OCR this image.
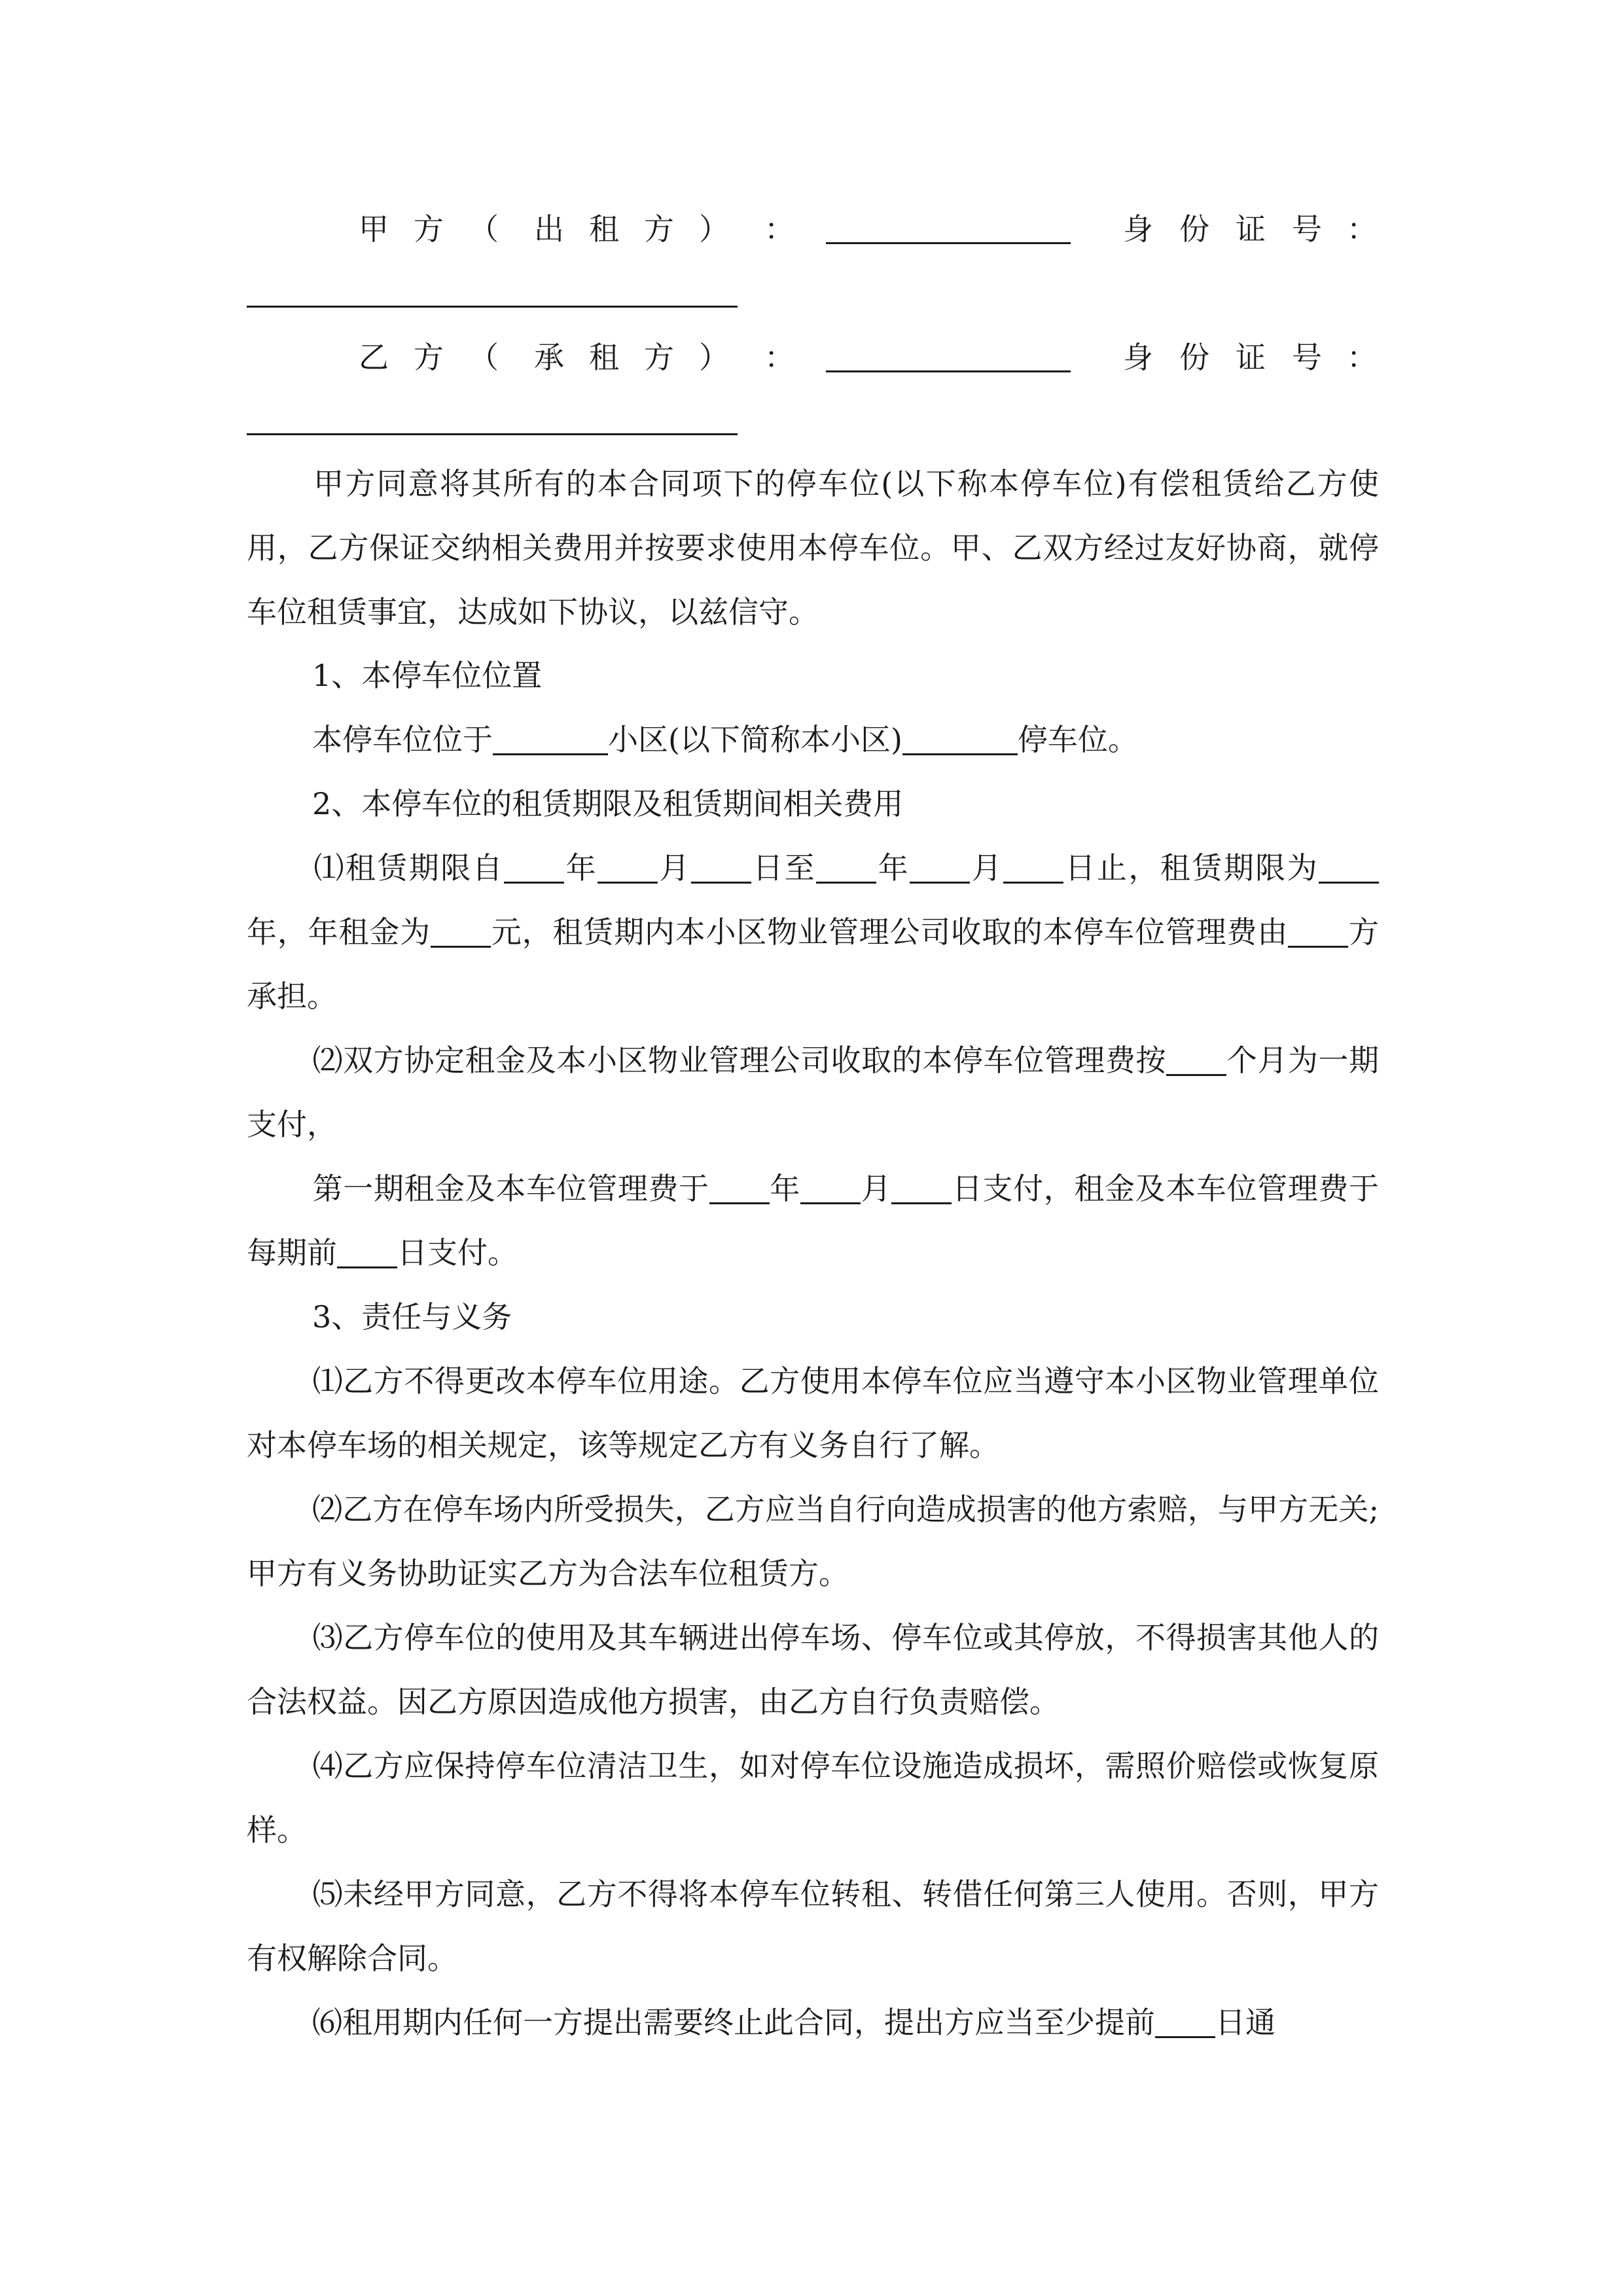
甲 方 （ 出 租 方 ） ：	身 份 证 号 ：
乙 方 （ 承 租 方 ） ：	身 份 证 号 ：
甲方同意将其所有的本合同项下的停车位(以下称本停车位)有偿租赁给乙方使用，乙方保证交纳相关费用并按要求使用本停车位。甲、乙双方经过友好协商，就停车位租赁事宜，达成如下协议，以兹信守。
1、本停车位位置
本停车位位于	小区(以下简称本小区)	停车位。
2、本停车位的租赁期限及租赁期间相关费用
⑴租赁期限自 年 月 日至 年 月 日止，租赁期限为年，年租金为 元，租赁期内本小区物业管理公司收取的本停车位管理费由 方承担。
⑵双方协定租金及本小区物业管理公司收取的本停车位管理费按 个月为一期支付，
第一期租金及本车位管理费于 年 月 日支付，租金及本车位管理费于每期前 日支付。
3、责任与义务
⑴乙方不得更改本停车位用途。乙方使用本停车位应当遵守本小区物业管理单位对本停车场的相关规定，该等规定乙方有义务自行了解。
⑵乙方在停车场内所受损失，乙方应当自行向造成损害的他方索赔，与甲方无关;甲方有义务协助证实乙方为合法车位租赁方。
⑶乙方停车位的使用及其车辆进出停车场、停车位或其停放，不得损害其他人的合法权益。因乙方原因造成他方损害，由乙方自行负责赔偿。
⑷乙方应保持停车位清洁卫生，如对停车位设施造成损坏，需照价赔偿或恢复原样。
⑸未经甲方同意，乙方不得将本停车位转租、转借任何第三人使用。否则，甲方有权解除合同。
⑹租用期内任何一方提出需要终止此合同，提出方应当至少提前 日通
